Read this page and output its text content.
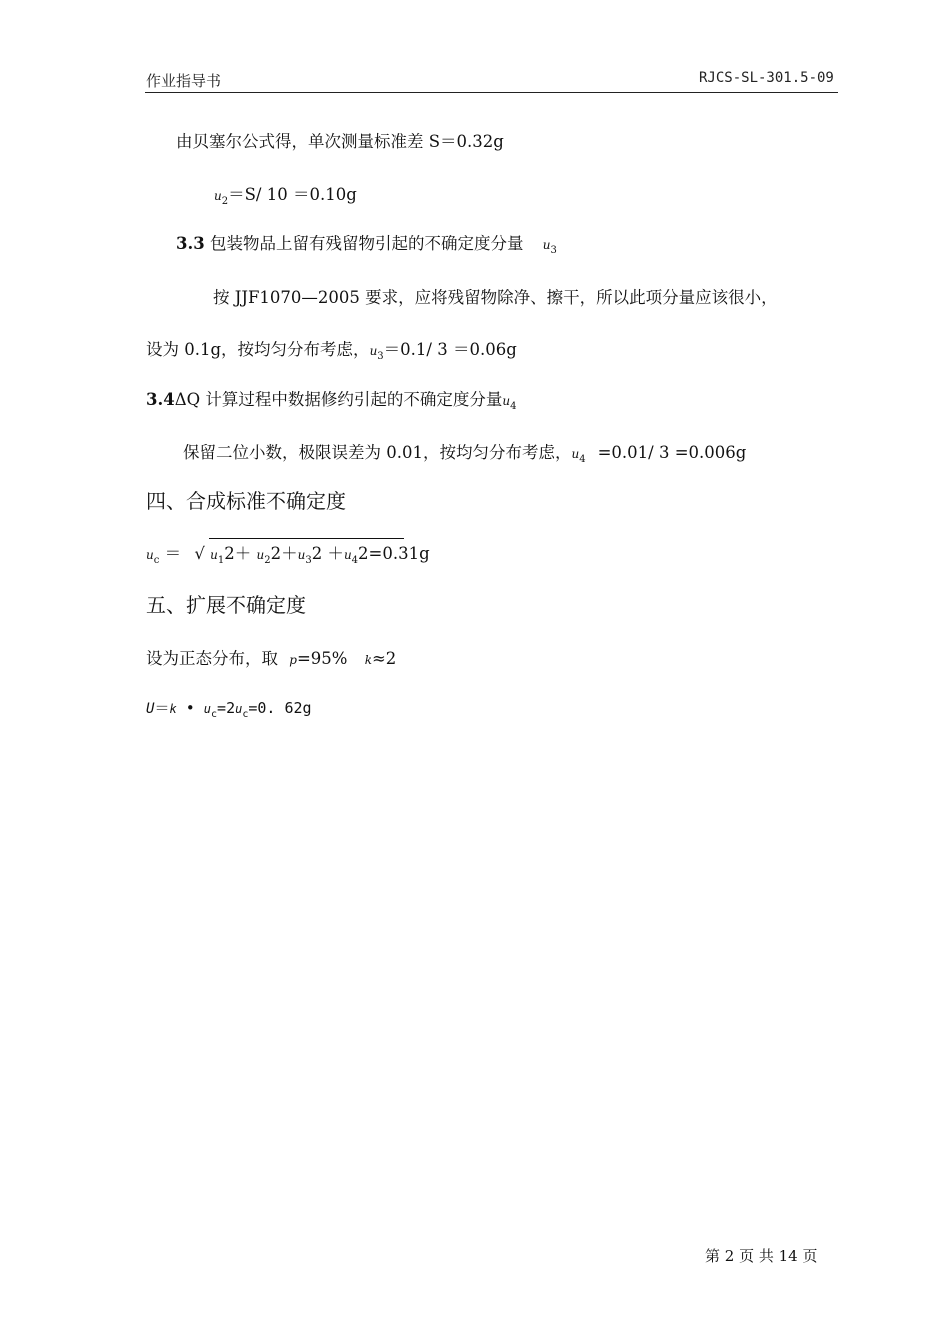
作业指导书	RJCS-SL-301.5-09
由贝塞尔公式得，单次测量标准差 S＝0.32g
$u_2=S/$ 10 ＝0.10g
3.3 包装物品上留有残留物引起的不确定度分量 $u_3$
按 JJF1070—2005 要求，应将残留物除净、擦干，所以此项分量应该很小，
设为 0.1g，按均匀分布考虑，$u_3=0.1/$ 3 ＝0.06g
3.4ΔQ 计算过程中数据修约引起的不确定度分量$u_4$
保留二位小数，极限误差为 0.01，按均匀分布考虑，$u_4 =0.01/$ 3 =0.006g
四、合成标准不确定度
$u_c$ ＝ √ $u_12+ u_22+u_32 +u_42=0.31g$
五、扩展不确定度
设为正态分布，取 p=95% k≈2
U＝k • $u_c=2u_c=0$. 62g
第 2 页 共 14 页
